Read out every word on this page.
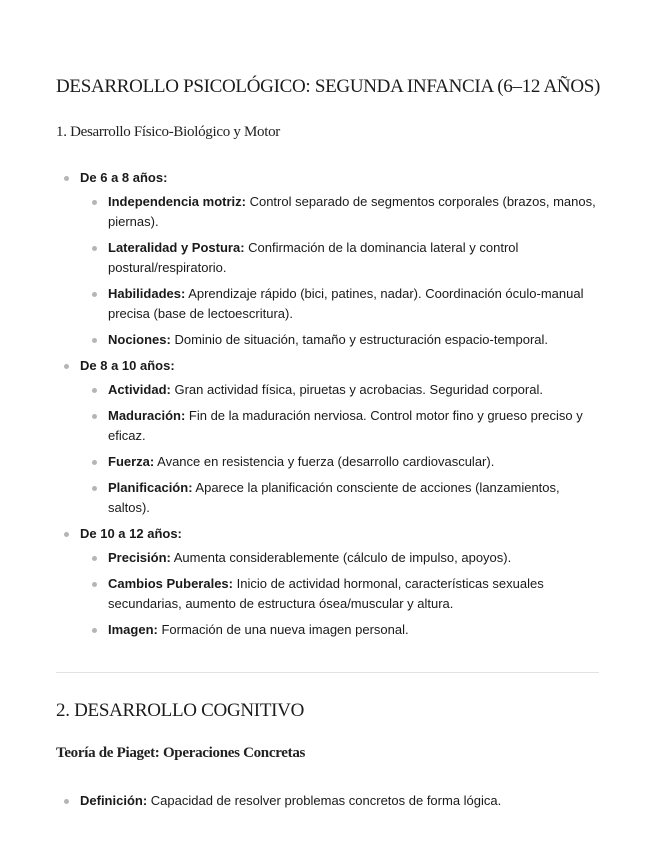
DESARROLLO PSICOLÓGICO: SEGUNDA INFANCIA (6–12 AÑOS)
1. Desarrollo Físico-Biológico y Motor
De 6 a 8 años:
Independencia motriz: Control separado de segmentos corporales (brazos, manos, piernas).
Lateralidad y Postura: Confirmación de la dominancia lateral y control postural/respiratorio.
Habilidades: Aprendizaje rápido (bici, patines, nadar). Coordinación óculo-manual precisa (base de lectoescritura).
Nociones: Dominio de situación, tamaño y estructuración espacio-temporal.
De 8 a 10 años:
Actividad: Gran actividad física, piruetas y acrobacias. Seguridad corporal.
Maduración: Fin de la maduración nerviosa. Control motor fino y grueso preciso y eficaz.
Fuerza: Avance en resistencia y fuerza (desarrollo cardiovascular).
Planificación: Aparece la planificación consciente de acciones (lanzamientos, saltos).
De 10 a 12 años:
Precisión: Aumenta considerablemente (cálculo de impulso, apoyos).
Cambios Puberales: Inicio de actividad hormonal, características sexuales secundarias, aumento de estructura ósea/muscular y altura.
Imagen: Formación de una nueva imagen personal.
2. DESARROLLO COGNITIVO
Teoría de Piaget: Operaciones Concretas
Definición: Capacidad de resolver problemas concretos de forma lógica.
